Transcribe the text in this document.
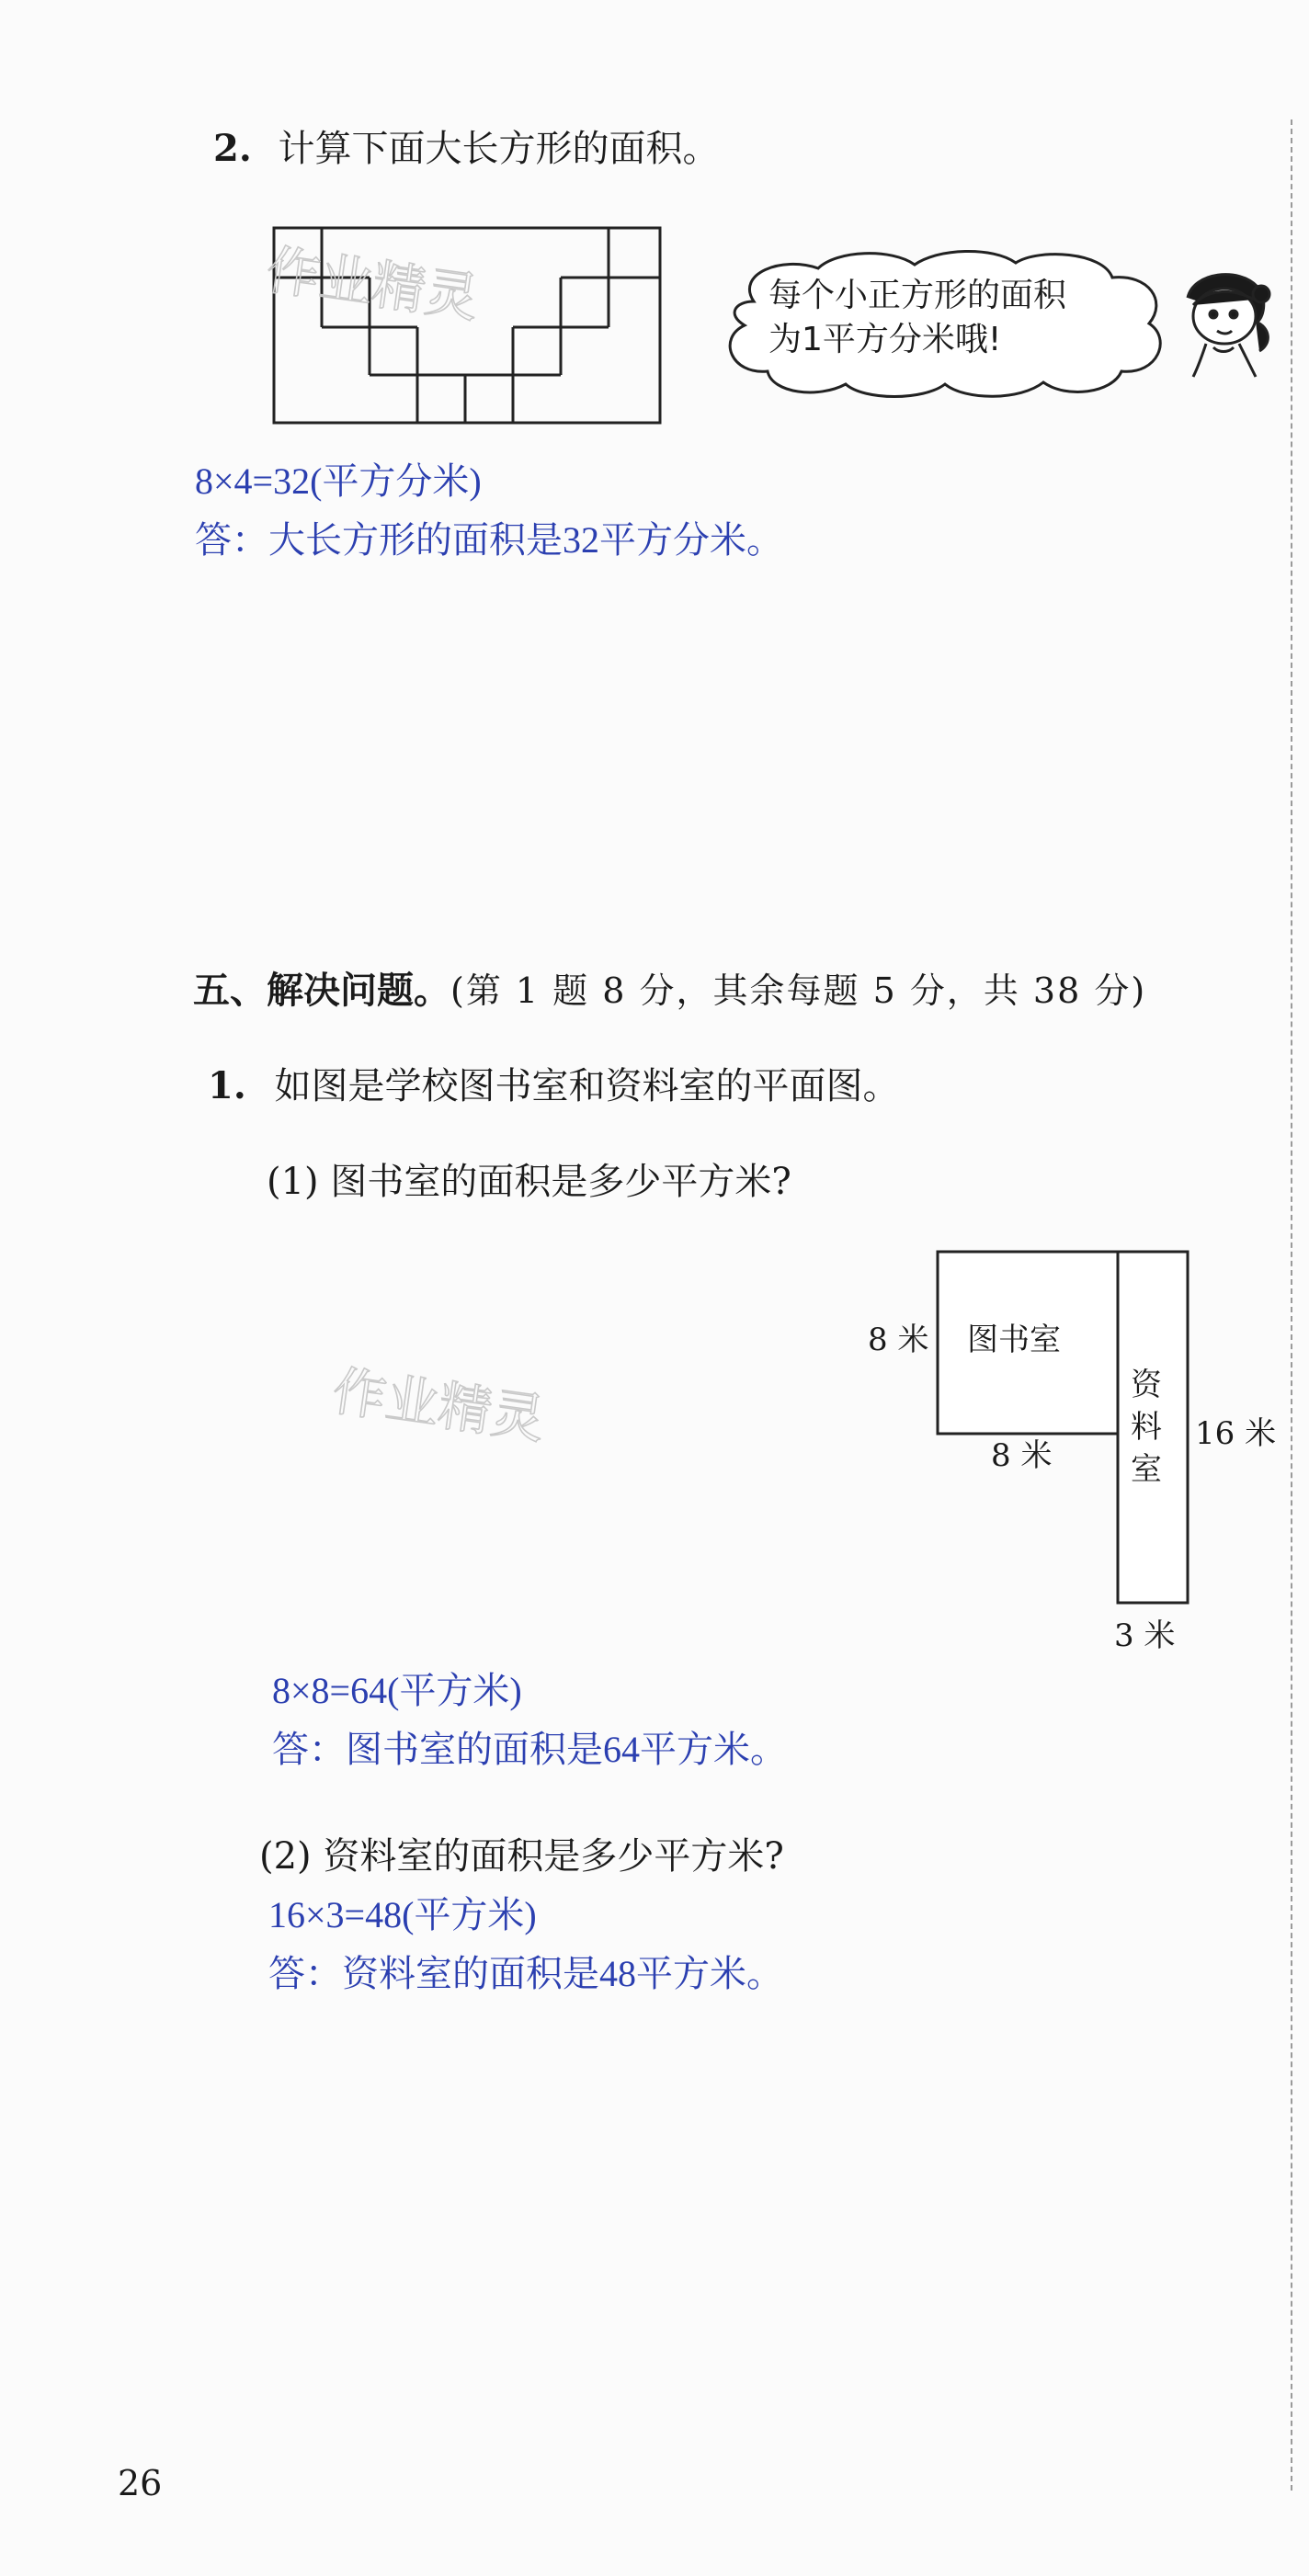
2. 计算下面大长方形的面积。
作业精灵	每个小正方形的面积
为1平方分米哦!
8×4=32(平方分米)
答：大长方形的面积是32平方分米。
五、解决问题。(第 1 题 8 分，其余每题 5 分，共 38 分)
1. 如图是学校图书室和资料室的平面图。
(1) 图书室的面积是多少平方米?
图书室
8 米
8 米
资
料
室
16 米
3 米
作业精灵
8×8=64(平方米)
答：图书室的面积是64平方米。
(2) 资料室的面积是多少平方米?
16×3=48(平方米)
答：资料室的面积是48平方米。
26
